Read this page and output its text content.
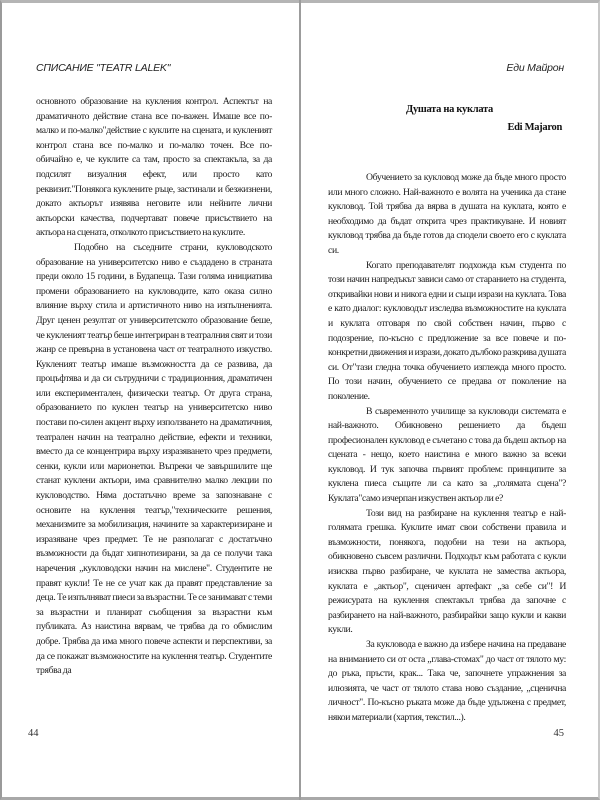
СПИСАНИЕ "TEATR LALEK"

основното образование на кукления контрол. Аспектът на драматичното действие стана все по-важен. Имаше все по-малко и по-малко"действие с куклите на сцената, и кукленият контрол стана все по-малко и по-малко точен. Все по-обичайно е, че куклите са там, просто за спектакъла, за да подсилят визуалния ефект, или просто като реквизит."Понякога куклените ръце, застинали и безжизнени, докато актьорът изявява неговите или нейните лични актьорски качества, подчертават повече присъствието на актьора на сцената, отколкото присъствието на куклите.

Подобно на съседните страни, кукловодското образование на университетско ниво е създадено в страната преди около 15 години, в Будапеща. Тази голяма инициатива промени образованието на кукловодите, като оказа силно влияние върху стила и артистичното ниво на изпълненията. Друг ценен резултат от университетското образование беше, че кукленият театър беше интегриран в театралния свят и този жанр се превърна в установена част от театралното изкуство. Кукленият театър имаше възможността да се развива, да процъфтява и да си сътрудничи с традиционния, драматичен или експериментален, физически театър. От друга страна, образованието по куклен театър на университетско ниво постави по-силен акцент върху използването на драматичния, театрален начин на театрално действие, ефекти и техники, вместо да се концентрира върху изразяването чрез предмети, сенки, кукли или марионетки. Въпреки че завършилите ще станат куклени актьори, има сравнително малко лекции по кукловодство. Няма достатъчно време за запознаване с основите на куклення театър,"техническите решения, механизмите за мобилизация, начините за характеризиране и изразяване чрез предмет. Те не разполагат с достатъчно възможности да бъдат хипнотизирани, за да се получи така наречения „кукловодски начин на мислене". Студентите не правят кукли! Те не се учат как да правят представление за деца. Те изпълняват пиеси за възрастни. Те се занимават с теми за възрастни и планират съобщения за възрастни към публиката. Аз наистина вярвам, че трябва да го обмислим добре. Трябва да има много повече аспекти и перспективи, за да се покажат възможностите на куклення театър. Студентите трябва да

44
Еди Майрон
Душата на куклата
Edi Majaron

Обучението за кукловод може да бъде много просто или много сложно. Най-важното е волята на ученика да стане кукловод. Той трябва да вярва в душата на куклата, която е необходимо да бъдат открита чрез практикуване. И новият кукловод трябва да бъде готов да сподели своето его с куклата си.

Когато преподавателят подхожда към студента по този начин напредъкът зависи само от старанието на студента, откривайки нови и никога едни и същи изрази на куклата. Това е като диалог: кукловодът изследва възможностите на куклата и куклата отговаря по свой собствен начин, първо с подозрение, по-късно с предложение за все повече и по-конкретни движения и изрази, докато дълбоко разкрива душата си. От"тази гледна точка обучението изглежда много просто. По този начин, обучението се предава от поколение на поколение.

В съвременното училище за кукловоди системата е най-важното. Обикновено решението да бъдеш професионален кукловод е съчетано с това да бъдеш актьор на сцената - нещо, което наистина е много важно за всеки кукловод. И тук започва първият проблем: принципите за куклена пиеса същите ли са като за „голямата сцена"? Куклата"само изчерпан изкуствен актьор ли е?

Този вид на разбиране на куклення театър е най-голямата грешка. Куклите имат свои собствени правила и възможности, понякога, подобни на тези на актьора, обикновено съвсем различни. Подходът към работата с кукли изисква първо разбиране, че куклата не замества актьора, куклата е „актьор", сценичен артефакт „за себе си"! И режисурата на куклення спектакъл трябва да започне с разбирането на най-важното, разбирайки защо кукли и какви кукли.

За кукловода е важно да избере начина на предаване на вниманието си от оста „глава-стомах" до част от тялото му: до ръка, пръсти, крак... Така че, започнете упражнения за илюзията, че част от тялото става ново създание, „сценична личност". По-късно ръката може да бъде удължена с предмет, някои материали (хартия, текстил...).

45
